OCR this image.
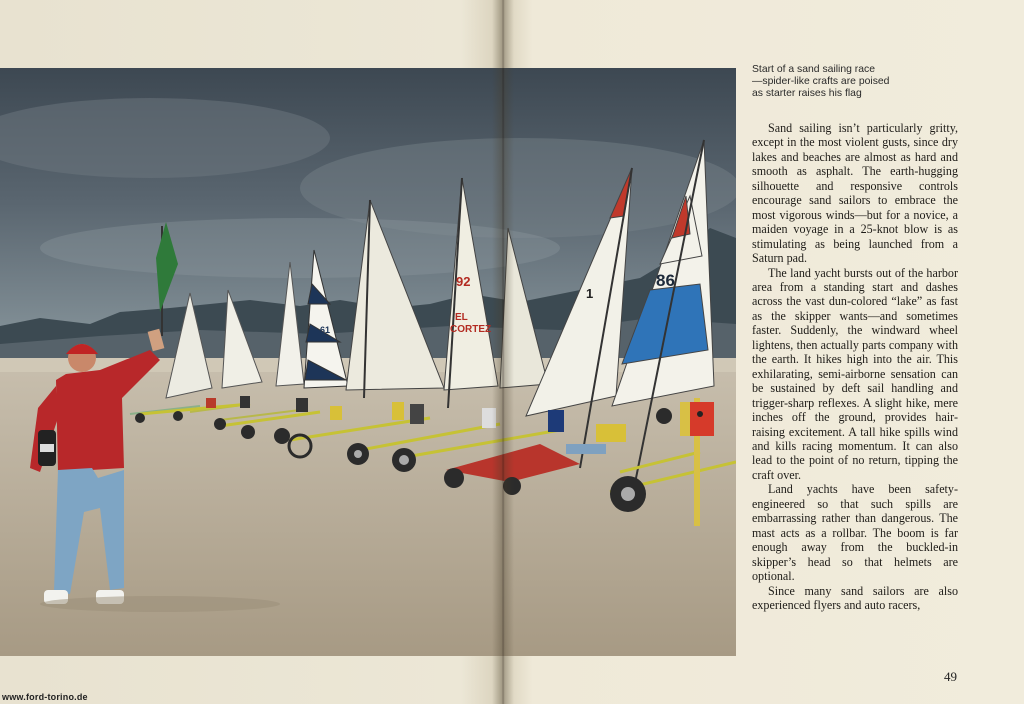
92
EL
CORTEZ
61
1
86

Start of a sand sailing race

—spider-like crafts are poised

as starter raises his flag

Sand sailing isn’t particularly gritty, except in the most violent gusts, since dry lakes and beaches are almost as hard and smooth as asphalt. The earth-hugging silhouette and responsive controls encourage sand sailors to embrace the most vigorous winds—but for a novice, a maiden voyage in a 25-knot blow is as stimulating as being launched from a Saturn pad.

The land yacht bursts out of the harbor area from a standing start and dashes across the vast dun-colored “lake” as fast as the skipper wants—and sometimes faster. Suddenly, the windward wheel lightens, then actually parts company with the earth. It hikes high into the air. This exhilarating, semi-airborne sensation can be sustained by deft sail handling and trigger-sharp reflexes. A slight hike, mere inches off the ground, provides hair-raising excitement. A tall hike spills wind and kills racing momentum. It can also lead to the point of no return, tipping the craft over.

Land yachts have been safety-engineered so that such spills are embarrassing rather than dangerous. The mast acts as a rollbar. The boom is far enough away from the buckled-in skipper’s head so that helmets are optional.

Since many sand sailors are also experienced flyers and auto racers,

49
www.ford-torino.de
